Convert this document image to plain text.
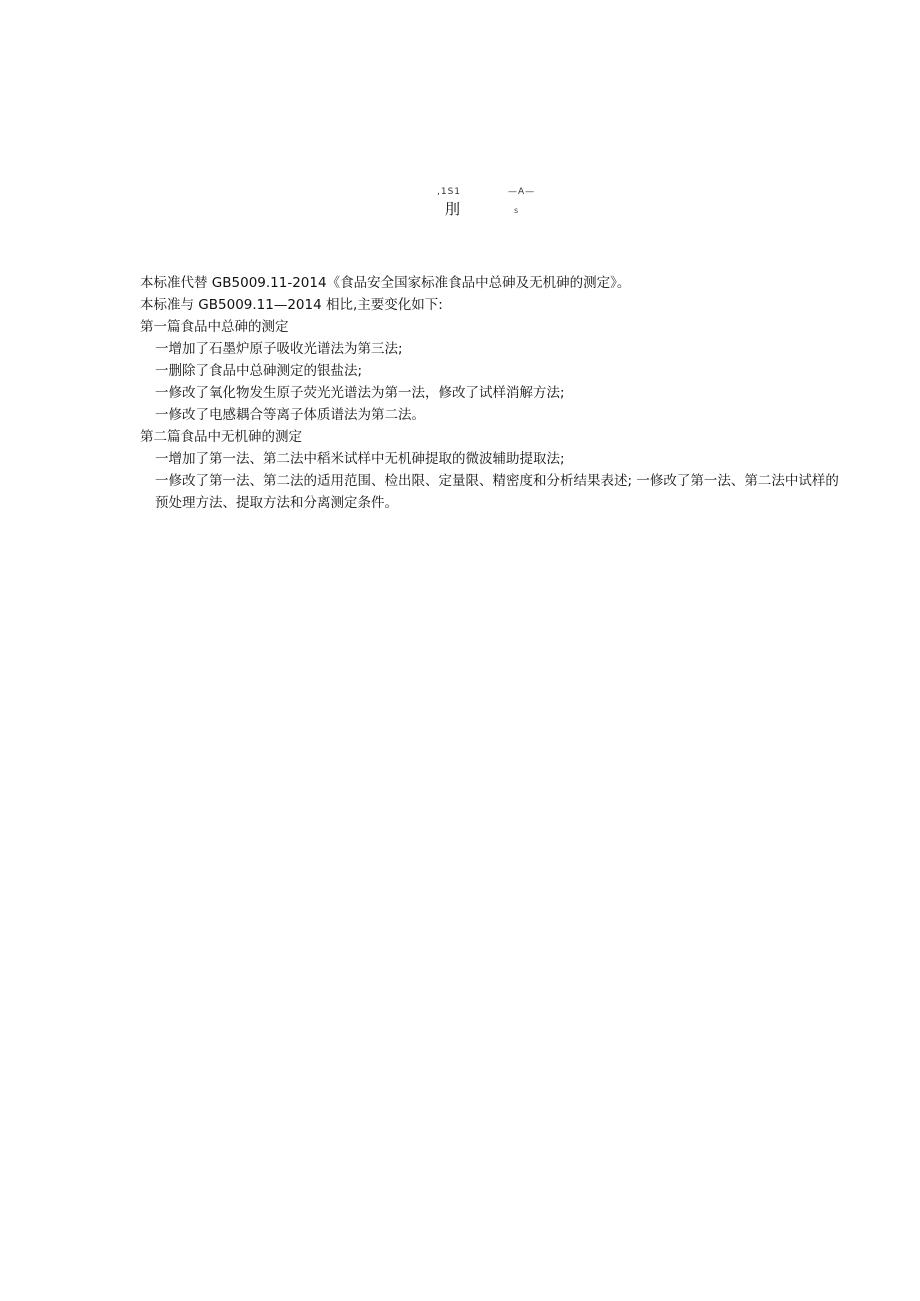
,1S1	—A—
刖	s
本标准代替 GB5009.11-2014《食品安全国家标准食品中总砷及无机砷的测定》。
本标准与 GB5009.11—2014 相比,主要变化如下:
第一篇食品中总砷的测定
一增加了石墨炉原子吸收光谱法为第三法;
一删除了食品中总砷测定的银盐法;
一修改了氧化物发生原子荧光光谱法为第一法，修改了试样消解方法;
一修改了电感耦合等离子体质谱法为第二法。
第二篇食品中无机砷的测定
一增加了第一法、第二法中稻米试样中无机砷提取的微波辅助提取法;
一修改了第一法、第二法的适用范围、检出限、定量限、精密度和分析结果表述; 一修改了第一法、第二法中试样的预处理方法、提取方法和分离测定条件。
